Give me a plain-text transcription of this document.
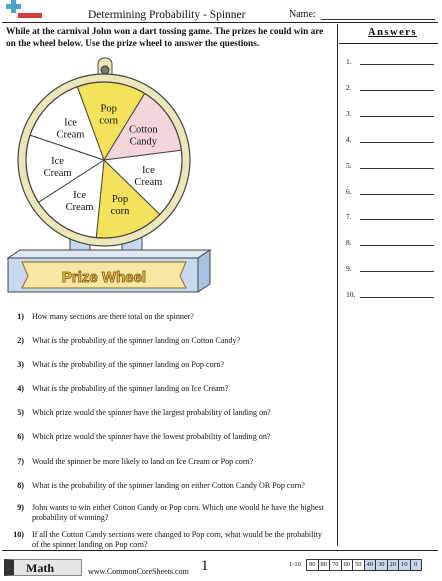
Determining Probability - Spinner	Name:
While at the carnival John won a dart tossing game. The prizes he could win are on the wheel below. Use the prize wheel to answer the questions.
Answers
1.
2.
3.
4.
5.
6.
7.
8.
9.
10.
Pop
corn
Cotton
Candy
Ice
Cream
Pop
corn
Ice
Cream
Ice
Cream
Ice
Cream
Prize Wheel
1) How many sections are there total on the spinner?
2) What is the probability of the spinner landing on Cotton Candy?
3) What is the probability of the spinner landing on Pop corn?
4) What is the probability of the spinner landing on Ice Cream?
5) Which prize would the spinner have the largest probability of landing on?
6) Which prize would the spinner have the lowest probability of landing on?
7) Would the spinner be more likely to land on Ice Cream or Pop corn?
8) What is the probability of the spinner landing on either Cotton Candy OR Pop corn?
9) John wants to win either Cotton Candy or Pop corn. Which one would he have the highest probability of winning?
10) If all the Cotton Candy sections were changed to Pop corn, what would be the probability of the spinner landing on Pop corn?
Math	www.CommonCoreSheets.com 1	1-10	90 80 70 60 50 40 30 20 10	0
